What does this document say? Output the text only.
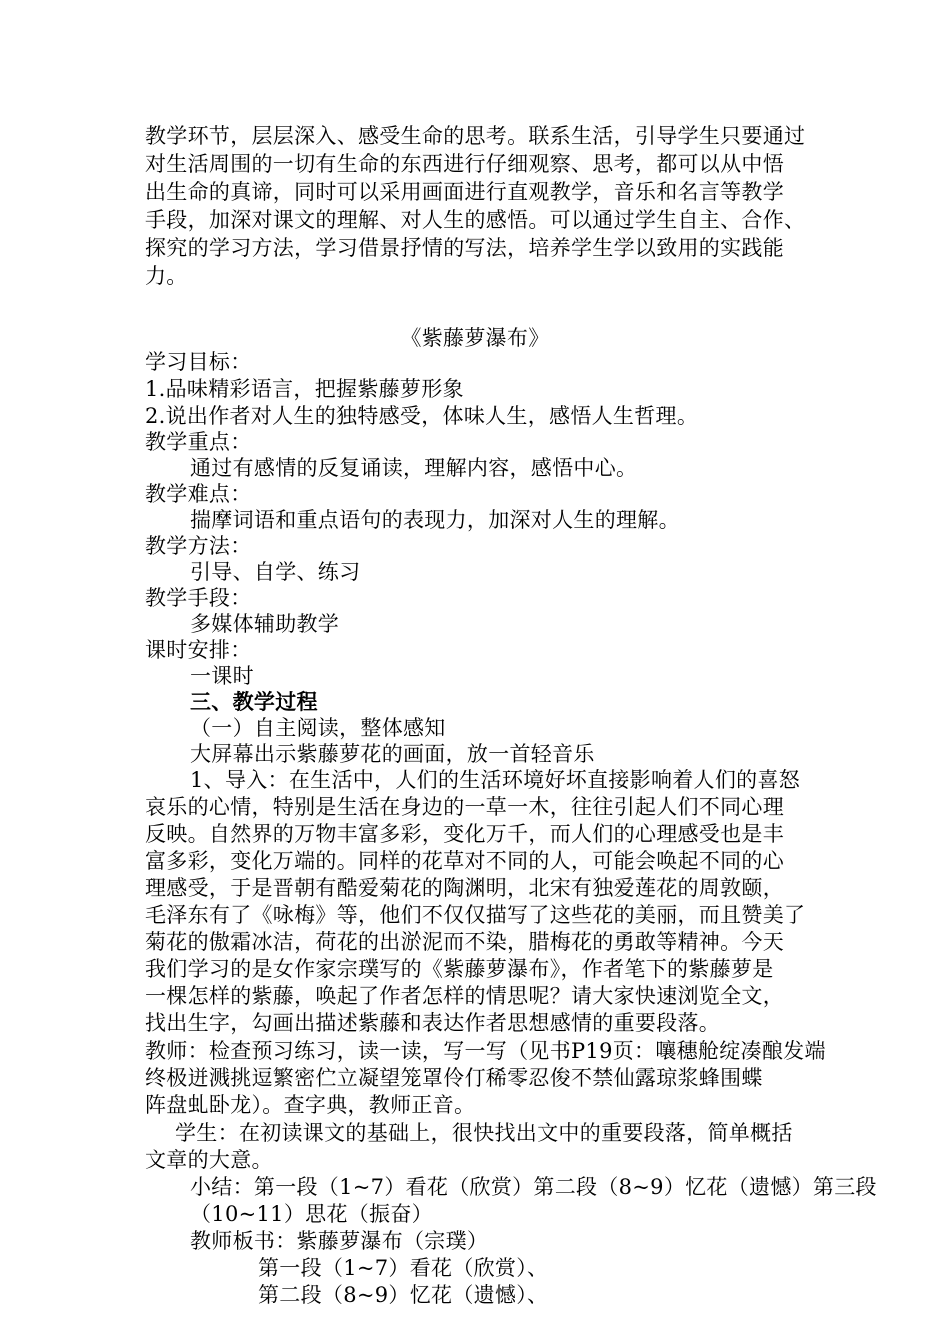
教学环节，层层深入、感受生命的思考。联系生活，引导学生只要通过
对生活周围的一切有生命的东西进行仔细观察、思考，都可以从中悟
出生命的真谛，同时可以采用画面进行直观教学，音乐和名言等教学
手段，加深对课文的理解、对人生的感悟。可以通过学生自主、合作、
探究的学习方法，学习借景抒情的写法，培养学生学以致用的实践能
力。
《紫藤萝瀑布》
学习目标：
1.品味精彩语言，把握紫藤萝形象
2.说出作者对人生的独特感受，体味人生，感悟人生哲理。
教学重点：
通过有感情的反复诵读，理解内容，感悟中心。
教学难点：
揣摩词语和重点语句的表现力，加深对人生的理解。
教学方法：
引导、自学、练习
教学手段：
多媒体辅助教学
课时安排：
一课时
三、教学过程
（一）自主阅读，整体感知
大屏幕出示紫藤萝花的画面，放一首轻音乐
1、导入：在生活中，人们的生活环境好坏直接影响着人们的喜怒
哀乐的心情，特别是生活在身边的一草一木，往往引起人们不同心理
反映。自然界的万物丰富多彩，变化万千，而人们的心理感受也是丰
富多彩，变化万端的。同样的花草对不同的人，可能会唤起不同的心
理感受，于是晋朝有酷爱菊花的陶渊明，北宋有独爱莲花的周敦颐，
毛泽东有了《咏梅》等，他们不仅仅描写了这些花的美丽，而且赞美了
菊花的傲霜冰洁，荷花的出淤泥而不染，腊梅花的勇敢等精神。今天
我们学习的是女作家宗璞写的《紫藤萝瀑布》，作者笔下的紫藤萝是
一棵怎样的紫藤，唤起了作者怎样的情思呢？请大家快速浏览全文，
找出生字，勾画出描述紫藤和表达作者思想感情的重要段落。
教师：检查预习练习，读一读，写一写（见书P19页：嚷穗舱绽凑酿发端
终极迸溅挑逗繁密伫立凝望笼罩伶仃稀零忍俊不禁仙露琼浆蜂围蝶
阵盘虬卧龙）。查字典，教师正音。
学生：在初读课文的基础上，很快找出文中的重要段落，简单概括
文章的大意。
小结：第一段（1~7）看花（欣赏）第二段（8~9）忆花（遗憾）第三段
（10~11）思花（振奋）
教师板书：紫藤萝瀑布（宗璞）
第一段（1~7）看花（欣赏）、
第二段（8~9）忆花（遗憾）、
